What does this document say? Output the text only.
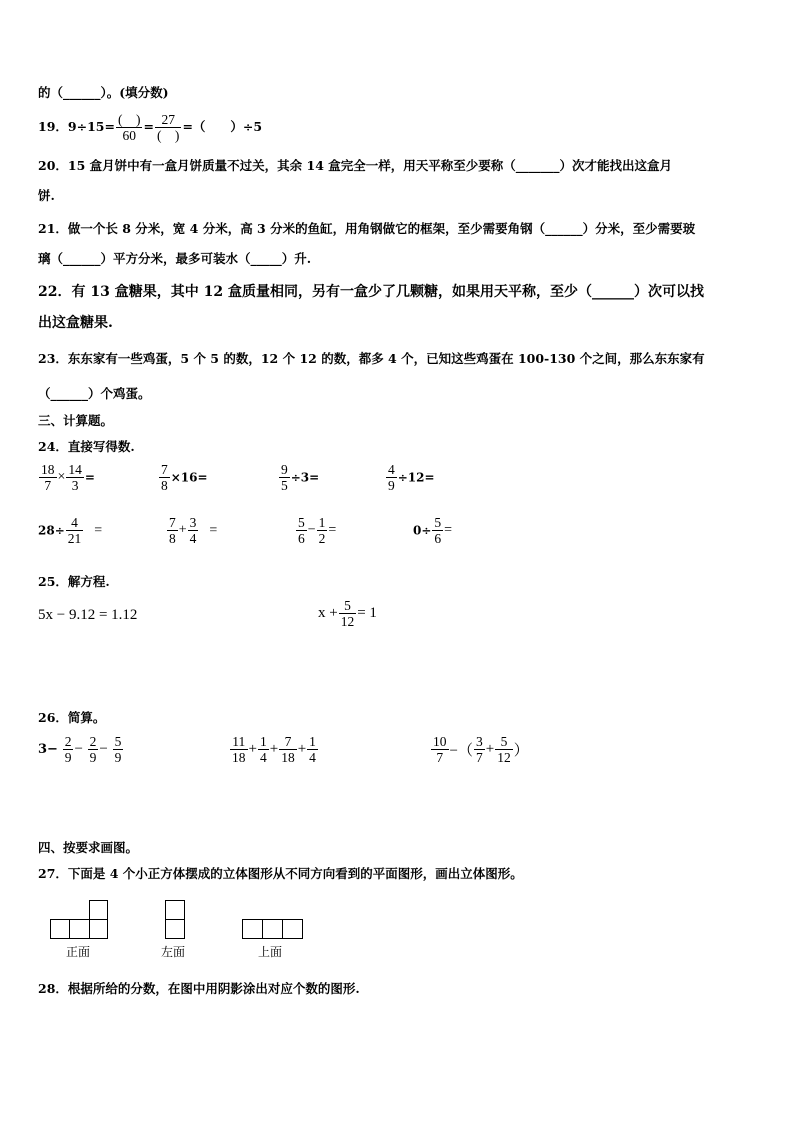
的（______）。(填分数)
19．$9\div 15= \frac{( )}{60} = \frac{27}{( )}$ =（　　）÷5
20．15 盒月饼中有一盒月饼质量不过关，其余 14 盒完全一样，用天平称至少要称（_______）次才能找出这盒月
饼.
21．做一个长 8 分米，宽 4 分米，高 3 分米的鱼缸，用角钢做它的框架，至少需要角钢（______）分米，至少需要玻
璃（______）平方分米，最多可装水（_____）升.
22．有 13 盒糖果，其中 12 盒质量相同，另有一盒少了几颗糖，如果用天平称，至少（______）次可以找
出这盒糖果.
23．东东家有一些鸡蛋，5 个 5 的数，12 个 12 的数，都多 4 个，已知这些鸡蛋在 100-130 个之间，那么东东家有
（______）个鸡蛋。
三、计算题。
24．直接写得数.
$\frac{18}{7} \times \frac{14}{3}$ =	$\frac{7}{8} \times 16=$	$\frac{9}{5} \div 3=$	$\frac{4}{9} \div 12=$
$28\div \frac{4}{21}$ =	$\frac{7}{8} + \frac{3}{4}$ =	$\frac{5}{6} - \frac{1}{2}$ =	$0\div \frac{5}{6}$ =
25．解方程.
5x − 9.12 = 1.12	$x + \frac{5}{12} = 1$
26．简算。
$3- \frac{2}{9} - \frac{2}{9} - \frac{5}{9}$	$\frac{11}{18} + \frac{1}{4} + \frac{7}{18} + \frac{1}{4}$	$\frac{10}{7}$ −（ $\frac{3}{7} + \frac{5}{12}$ ）
四、按要求画图。
27．下面是 4 个小正方体摆成的立体图形从不同方向看到的平面图形，画出立体图形。
正面	左面	上面
28．根据所给的分数，在图中用阴影涂出对应个数的图形.
